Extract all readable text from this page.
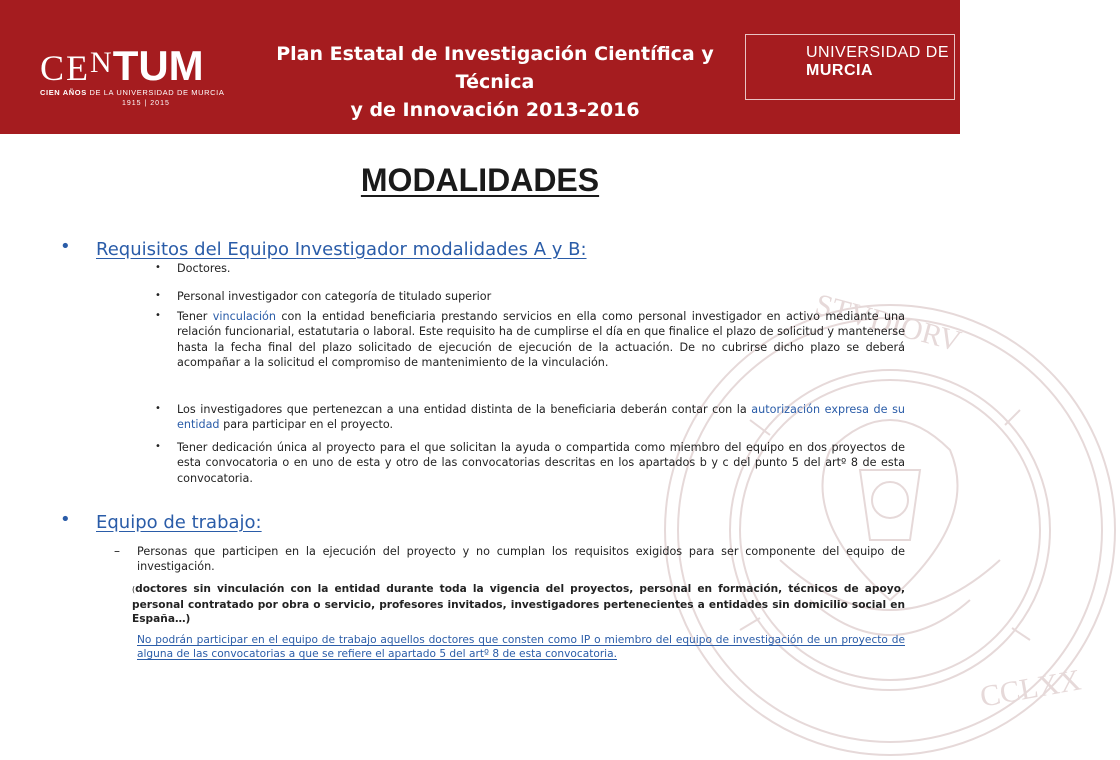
CENTUM
CIEN AÑOS DE LA UNIVERSIDAD DE MURCIA
1915 | 2015
Plan Estatal de Investigación Científica y Técnica
y de Innovación 2013-2016
UNIVERSIDAD DE
MURCIA
STVDIORV
CCLXX
MODALIDADES
• Requisitos del Equipo Investigador modalidades A y B:
• Doctores.
• Personal investigador con categoría de titulado superior
• Tener vinculación con la entidad beneficiaria prestando servicios en ella como personal investigador en activo mediante una relación funcionarial, estatutaria o laboral. Este requisito ha de cumplirse el día en que finalice el plazo de solicitud y mantenerse hasta la fecha final del plazo solicitado de ejecución de ejecución de la actuación. De no cubrirse dicho plazo se deberá acompañar a la solicitud el compromiso de mantenimiento de la vinculación.
• Los investigadores que pertenezcan a una entidad distinta de la beneficiaria deberán contar con la autorización expresa de su entidad para participar en el proyecto.
• Tener dedicación única al proyecto para el que solicitan la ayuda o compartida como miembro del equipo en dos proyectos de esta convocatoria o en uno de esta y otro de las convocatorias descritas en los apartados b y c del punto 5 del artº 8 de esta convocatoria.
• Equipo de trabajo:
– Personas que participen en la ejecución del proyecto y no cumplan los requisitos exigidos para ser componente del equipo de investigación.
(doctores sin vinculación con la entidad durante toda la vigencia del proyectos, personal en formación, técnicos de apoyo, personal contratado por obra o servicio, profesores invitados, investigadores pertenecientes a entidades sin domicilio social en España…)
No podrán participar en el equipo de trabajo aquellos doctores que consten como IP o miembro del equipo de investigación de un proyecto de alguna de las convocatorias a que se refiere el apartado 5 del artº 8 de esta convocatoria.
